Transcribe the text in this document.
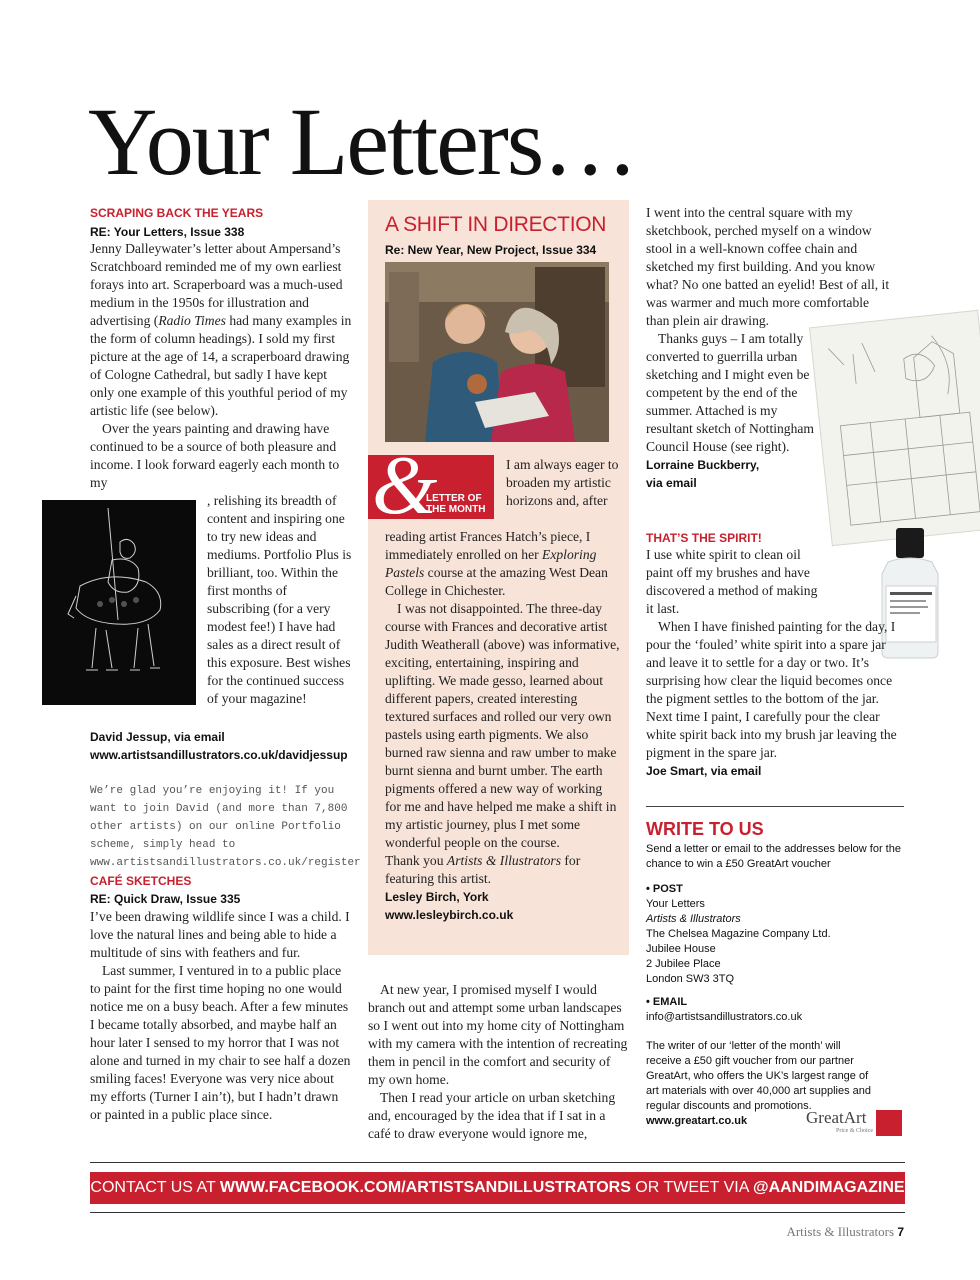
Your Letters…
SCRAPING BACK THE YEARS
RE: Your Letters, Issue 338

Jenny Dalleywater’s letter about Ampersand’s Scratchboard reminded me of my own earliest forays into art. Scraperboard was a much-used medium in the 1950s for illustration and advertising (Radio Times had many examples in the form of column headings). I sold my first picture at the age of 14, a scraperboard drawing of Cologne Cathedral, but sadly I have kept only one example of this youthful period of my artistic life (see below).

Over the years painting and drawing have continued to be a source of both pleasure and income. I look forward eagerly each month to my

, relishing its breadth of content and inspiring one to try new ideas and mediums. Portfolio Plus is brilliant, too. Within the first months of subscribing (for a very modest fee!) I have had sales as a direct result of this exposure. Best wishes for the continued success of your magazine!

David Jessup, via email
www.artistsandillustrators.co.uk/davidjessup
We’re glad you’re enjoying it! If you want to join David (and more than 7,800 other artists) on our online Portfolio scheme, simply head to www.artistsandillustrators.co.uk/register
CAFÉ SKETCHES
RE: Quick Draw, Issue 335

I’ve been drawing wildlife since I was a child. I love the natural lines and being able to hide a multitude of sins with feathers and fur.

Last summer, I ventured in to a public place to paint for the first time hoping no one would notice me on a busy beach. After a few minutes I became totally absorbed, and maybe half an hour later I sensed to my horror that I was not alone and turned in my chair to see half a dozen smiling faces! Everyone was very nice about my efforts (Turner I ain’t), but I hadn’t drawn or painted in a public place since.

A SHIFT IN DIRECTION
Re: New Year, New Project, Issue 334
&
LETTER OF THE MONTH
I am always eager to broaden my artistic horizons and, after

reading artist Frances Hatch’s piece, I immediately enrolled on her Exploring Pastels course at the amazing West Dean College in Chichester.

I was not disappointed. The three-day course with Frances and decorative artist Judith Weatherall (above) was informative, exciting, entertaining, inspiring and uplifting. We made gesso, learned about different papers, created interesting textured surfaces and rolled our very own pastels using earth pigments. We also burned raw sienna and raw umber to make burnt sienna and burnt umber. The earth pigments offered a new way of working for me and have helped me make a shift in my artistic journey, plus I met some wonderful people on the course.

Thank you Artists & Illustrators for featuring this artist.

Lesley Birch, York
www.lesleybirch.co.uk

At new year, I promised myself I would branch out and attempt some urban landscapes so I went out into my home city of Nottingham with my camera with the intention of recreating them in pencil in the comfort and security of my own home.

Then I read your article on urban sketching and, encouraged by the idea that if I sat in a café to draw everyone would ignore me,

I went into the central square with my sketchbook, perched myself on a window stool in a well-known coffee chain and sketched my first building. And you know what? No one batted an eyelid! Best of all, it was warmer and much more comfortable than plein air drawing.

Thanks guys – I am totally converted to guerrilla urban sketching and I might even be competent by the end of the summer. Attached is my resultant sketch of Nottingham Council House (see right).

Lorraine Buckberry,
via email
THAT’S THE SPIRIT!

I use white spirit to clean oil paint off my brushes and have discovered a method of making it last.

When I have finished painting for the day, I pour the ‘fouled’ white spirit into a spare jar and leave it to settle for a day or two. It’s surprising how clear the liquid becomes once the pigment settles to the bottom of the jar. Next time I paint, I carefully pour the clear white spirit back into my brush jar leaving the pigment in the spare jar.

Joe Smart, via email
WRITE TO US
Send a letter or email to the addresses below for the chance to win a £50 GreatArt voucher
• POST
Your Letters
Artists & Illustrators
The Chelsea Magazine Company Ltd.
Jubilee House
2 Jubilee Place
London SW3 3TQ
• EMAIL
info@artistsandillustrators.co.uk
The writer of our ‘letter of the month’ will receive a £50 gift voucher from our partner GreatArt, who offers the UK’s largest range of art materials with over 40,000 art supplies and regular discounts and promotions.
www.greatart.co.uk	GreatArt
Price & Choice
CONTACT US AT WWW.FACEBOOK.COM/ARTISTSANDILLUSTRATORS OR TWEET VIA @AANDIMAGAZINE
Artists & Illustrators 7
